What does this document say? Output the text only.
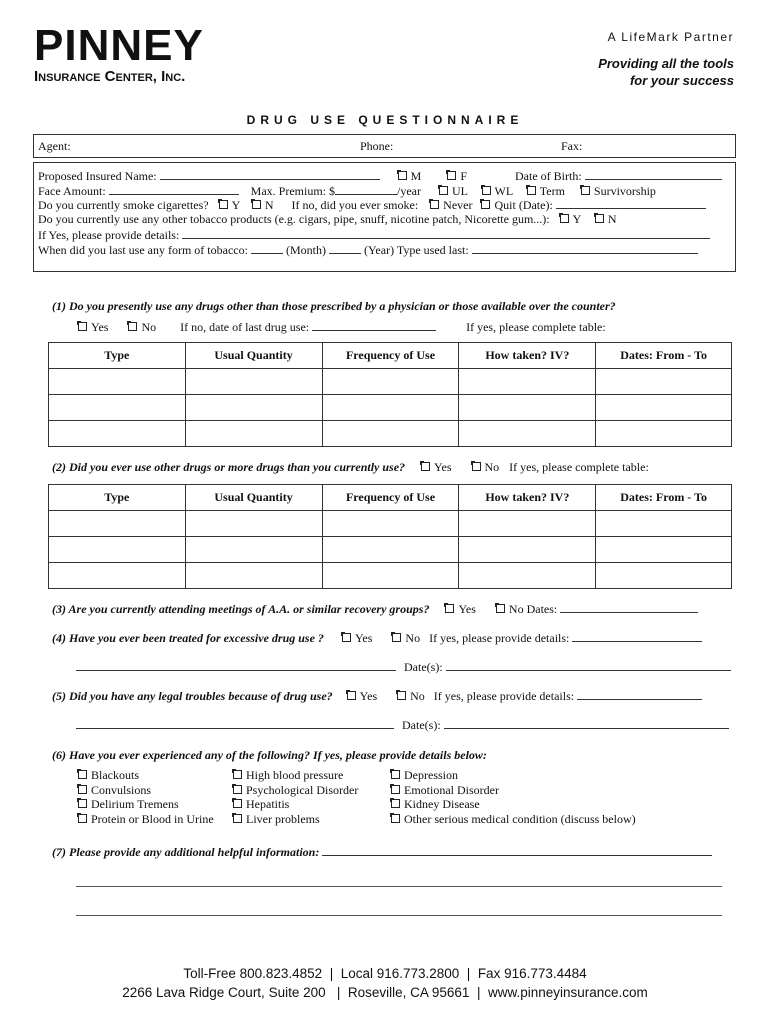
PINNEY
Insurance Center, Inc.
A LifeMark Partner
Providing all the tools
for your success
DRUG USE QUESTIONNAIRE
Agent:	Phone:	Fax:
Proposed Insured Name:	M	F	Date of Birth:
Face Amount:	Max. Premium: $	/year	UL WL Term Survivorship
Do you currently smoke cigarettes? Y N If no, did you ever smoke: Never Quit (Date):
Do you currently use any other tobacco products (e.g. cigars, pipe, snuff, nicotine patch, Nicorette gum...): Y N
If Yes, please provide details:
When did you last use any form of tobacco:	(Month)	(Year) Type used last:
(1) Do you presently use any drugs other than those prescribed by a physician or those available over the counter?
Yes	No If no, date of last drug use:	If yes, please complete table:
Type	Usual Quantity	Frequency of Use	How taken? IV?	Dates: From - To

(2) Did you ever use other drugs or more drugs than you currently use? Yes	No If yes, please complete table:
Type	Usual Quantity	Frequency of Use	How taken? IV?	Dates: From - To

(3) Are you currently attending meetings of A.A. or similar recovery groups? Yes	No Dates:
(4) Have you ever been treated for excessive drug use ?	Yes	No If yes, please provide details:
Date(s):
(5) Did you have any legal troubles because of drug use? Yes	No If yes, please provide details:
Date(s):
(6) Have you ever experienced any of the following? If yes, please provide details below:
Blackouts
Convulsions
Delirium Tremens
Protein or Blood in Urine
High blood pressure
Psychological Disorder
Hepatitis
Liver problems
Depression
Emotional Disorder
Kidney Disease
Other serious medical condition (discuss below)
(7) Please provide any additional helpful information:
Toll-Free 800.823.4852  |  Local 916.773.2800  |  Fax 916.773.4484
2266 Lava Ridge Court, Suite 200   |  Roseville, CA 95661  |  www.pinneyinsurance.com
